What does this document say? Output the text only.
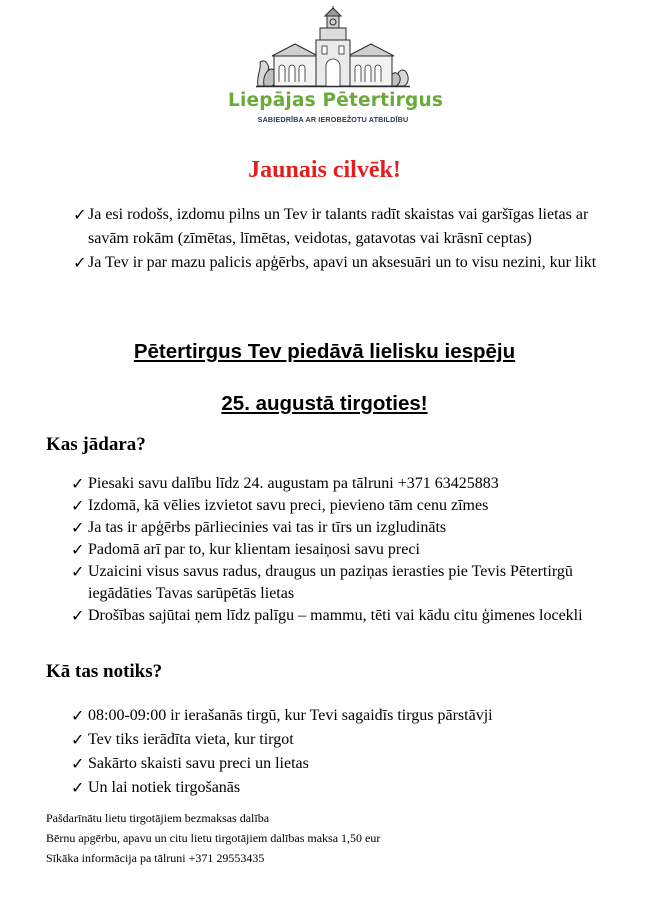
Liepājas Pētertirgus
SABIEDRĪBA AR IEROBEŽOTU ATBILDĪBU
Jaunais cilvēk!
✓ Ja esi rodošs, izdomu pilns un Tev ir talants radīt skaistas vai garšīgas lietas ar savām rokām (zīmētas, līmētas, veidotas, gatavotas vai krāsnī ceptas)
✓ Ja Tev ir par mazu palicis apģērbs, apavi un aksesuāri un to visu nezini, kur likt
Pētertirgus Tev piedāvā lielisku iespēju
25. augustā tirgoties!
Kas jādara?
✓ Piesaki savu dalību līdz 24. augustam pa tālruni +371 63425883
✓ Izdomā, kā vēlies izvietot savu preci, pievieno tām cenu zīmes
✓ Ja tas ir apģērbs pārliecinies vai tas ir tīrs un izgludināts
✓ Padomā arī par to, kur klientam iesaiņosi savu preci
✓ Uzaicini visus savus radus, draugus un paziņas ierasties pie Tevis Pētertirgū iegādāties Tavas sarūpētās lietas
✓ Drošības sajūtai ņem līdz palīgu – mammu, tēti vai kādu citu ģimenes locekli
Kā tas notiks?
✓ 08:00-09:00 ir ierašanās tirgū, kur Tevi sagaidīs tirgus pārstāvji
✓ Tev tiks ierādīta vieta, kur tirgot
✓ Sakārto skaisti savu preci un lietas
✓ Un lai notiek tirgošanās
Pašdarīnātu lietu tirgotājiem bezmaksas dalība
Bērnu apgērbu, apavu un citu lietu tirgotājiem dalības maksa 1,50 eur
Sīkāka informācija pa tālruni +371 29553435
